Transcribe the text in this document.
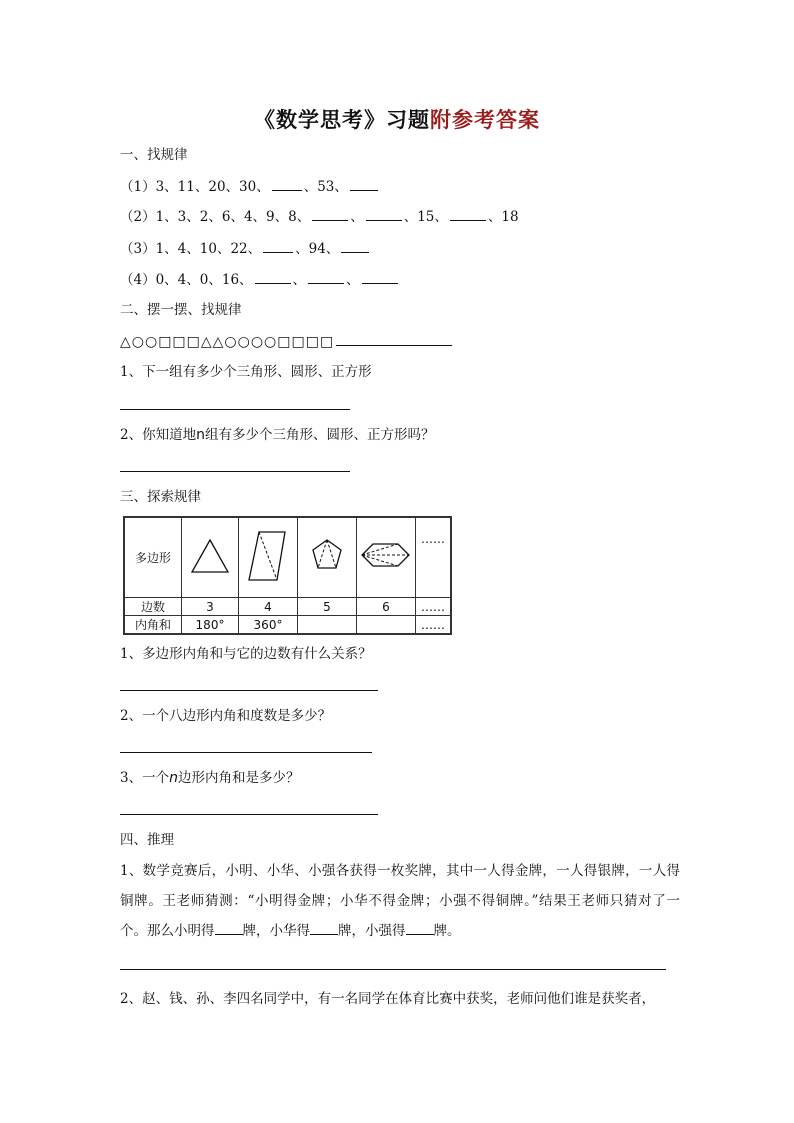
《数学思考》习题附参考答案
一、找规律
（1）3、11、20、30、	、53、
（2）1、3、2、6、4、9、8、	、	、15、	、18
（3）1、4、10、22、	、94、
（4）0、4、0、16、	、	、
二、摆一摆、找规律
△○○□□□△△○○○○□□□□
1、下一组有多少个三角形、圆形、正方形
2、你知道地n组有多少个三角形、圆形、正方形吗？
三、探索规律
多边形					……
边数	3	4	5	6	……
内角和	180°	360°			……
1、多边形内角和与它的边数有什么关系？
2、一个八边形内角和度数是多少？
3、一个n边形内角和是多少？
四、推理
1、数学竞赛后，小明、小华、小强各获得一枚奖牌，其中一人得金牌，一人得银牌，一人得铜牌。王老师猜测：“小明得金牌；小华不得金牌；小强不得铜牌。”结果王老师只猜对了一个。那么小明得 牌，小华得 牌，小强得 牌。
2、赵、钱、孙、李四名同学中，有一名同学在体育比赛中获奖，老师问他们谁是获奖者，
